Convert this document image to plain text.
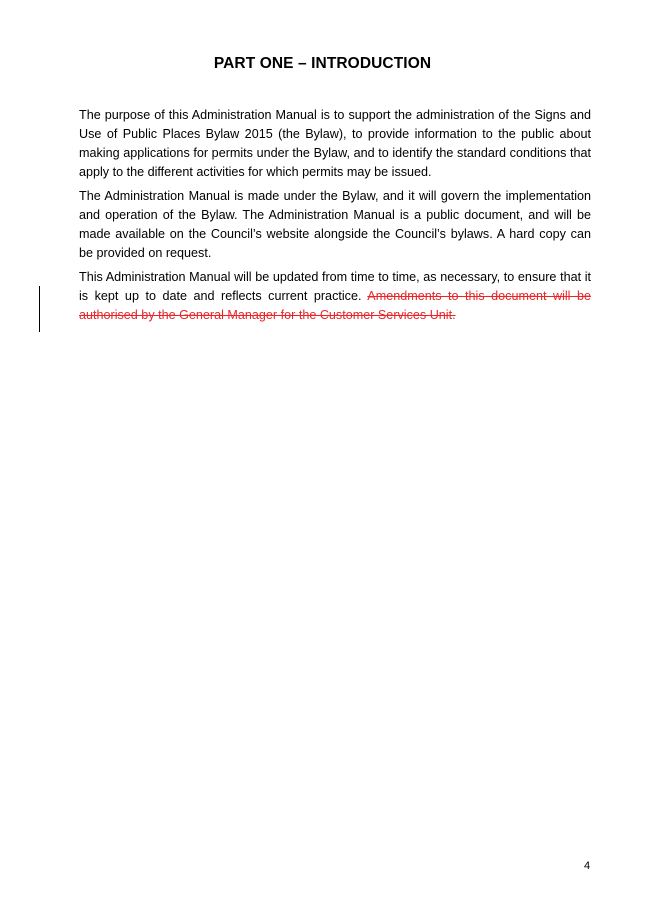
PART ONE – INTRODUCTION

The purpose of this Administration Manual is to support the administration of the Signs and Use of Public Places Bylaw 2015 (the Bylaw), to provide information to the public about making applications for permits under the Bylaw, and to identify the standard conditions that apply to the different activities for which permits may be issued.

The Administration Manual is made under the Bylaw, and it will govern the implementation and operation of the Bylaw. The Administration Manual is a public document, and will be made available on the Council’s website alongside the Council’s bylaws. A hard copy can be provided on request.

This Administration Manual will be updated from time to time, as necessary, to ensure that it is kept up to date and reflects current practice. Amendments to this document will be authorised by the General Manager for the Customer Services Unit.

4
